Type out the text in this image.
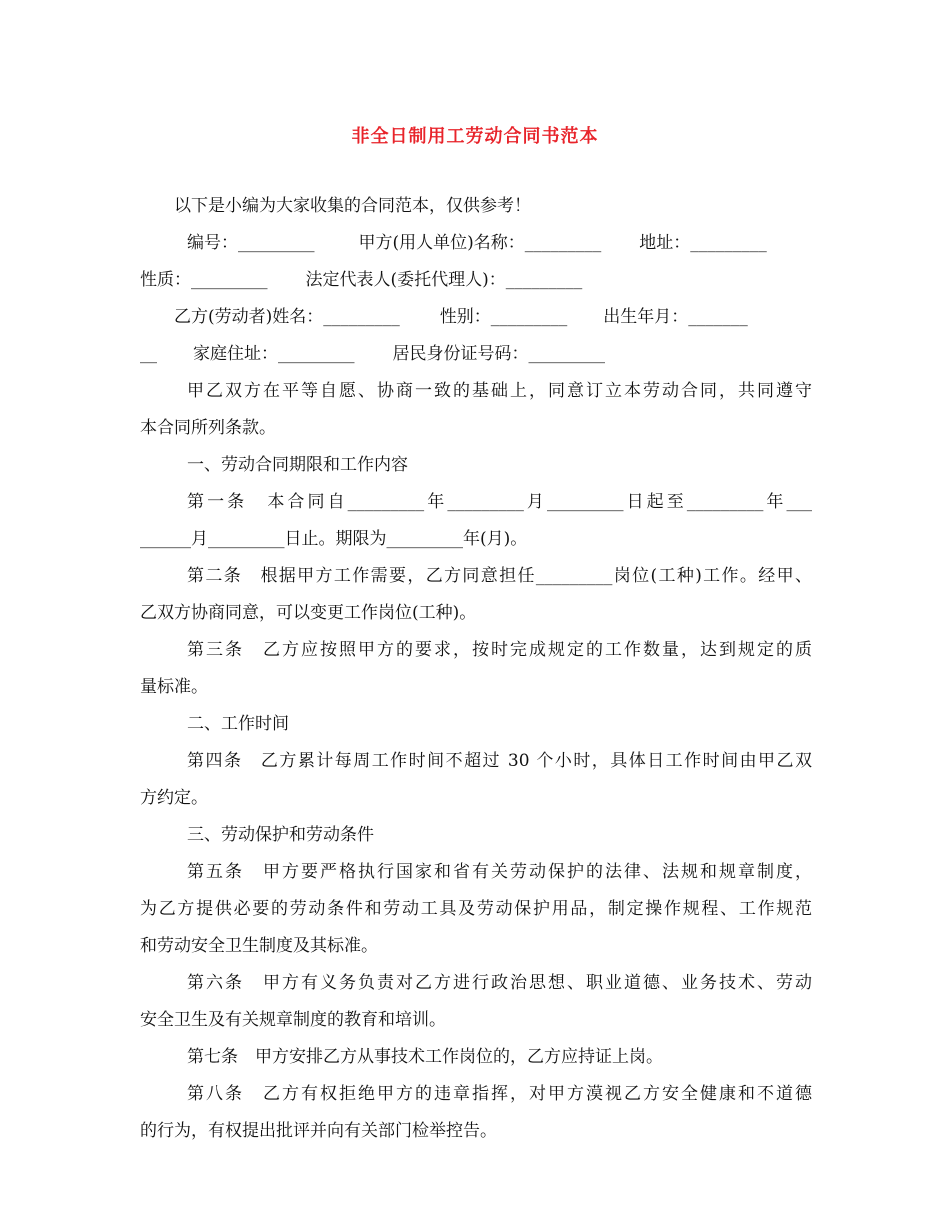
非全日制用工劳动合同书范本
以下是小编为大家收集的合同范本，仅供参考！
编号：_________	甲方(用人单位)名称：_________ 地址：_________
性质：_________ 法定代表人(委托代理人)：_________
乙方(劳动者)姓名：_________ 性别：_________ 出生年月：_______
__ 家庭住址：_________ 居民身份证号码：_________
甲乙双方在平等自愿、协商一致的基础上，同意订立本劳动合同，共同遵守
本合同所列条款。
一、劳动合同期限和工作内容
第一条　本合同自_________年_________月_________日起至_________年___
______月_________日止。期限为_________年(月)。
第二条　根据甲方工作需要，乙方同意担任_________岗位(工种)工作。经甲、
乙双方协商同意，可以变更工作岗位(工种)。
第三条　乙方应按照甲方的要求，按时完成规定的工作数量，达到规定的质
量标准。
二、工作时间
第四条　乙方累计每周工作时间不超过 30 个小时，具体日工作时间由甲乙双
方约定。
三、劳动保护和劳动条件
第五条　甲方要严格执行国家和省有关劳动保护的法律、法规和规章制度，
为乙方提供必要的劳动条件和劳动工具及劳动保护用品，制定操作规程、工作规范
和劳动安全卫生制度及其标准。
第六条　甲方有义务负责对乙方进行政治思想、职业道德、业务技术、劳动
安全卫生及有关规章制度的教育和培训。
第七条　甲方安排乙方从事技术工作岗位的，乙方应持证上岗。
第八条　乙方有权拒绝甲方的违章指挥，对甲方漠视乙方安全健康和不道德
的行为，有权提出批评并向有关部门检举控告。
